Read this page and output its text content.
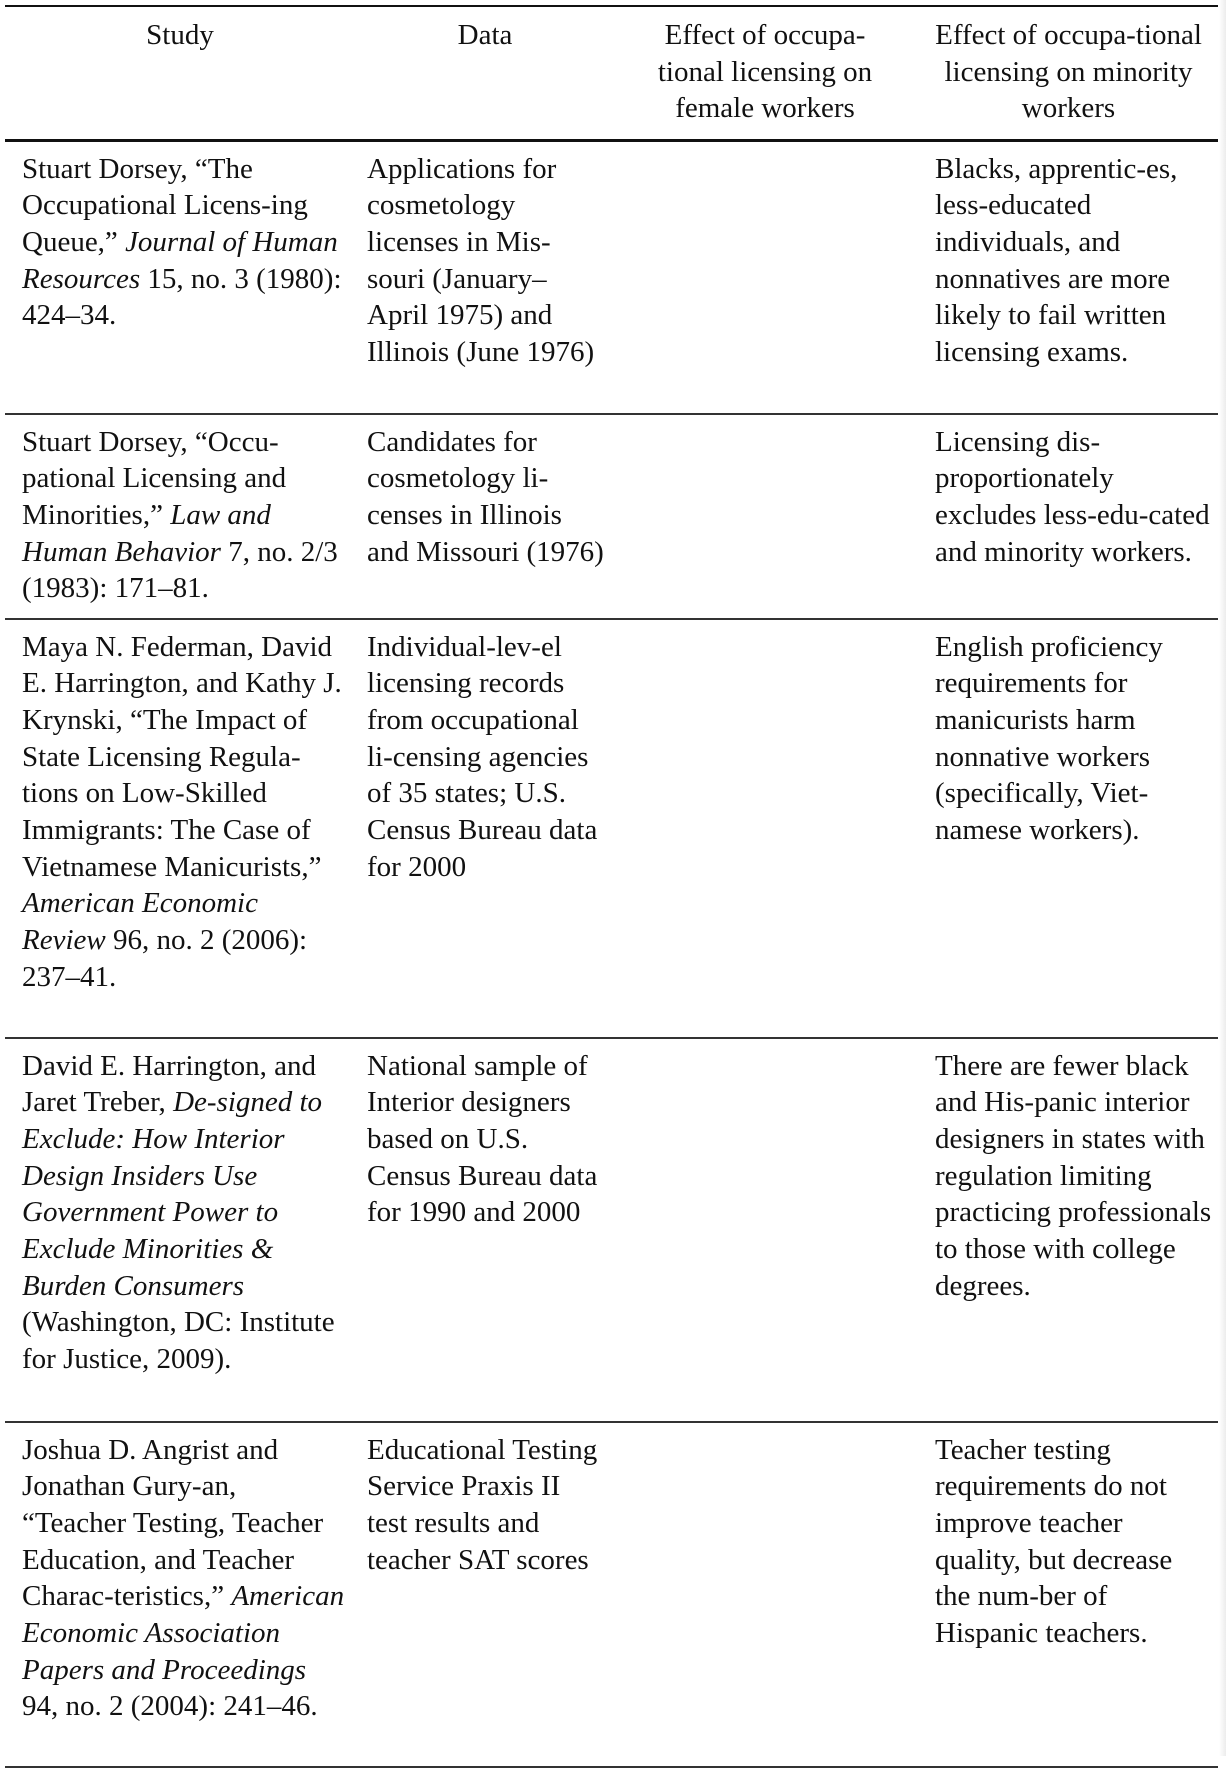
Study	Data	Effect of occupa-tional licensing on female workers	Effect of occupa-tional licensing on minority workers
Stuart Dorsey, “The Occupational Licens-ing Queue,” Journal of Human Resources 15, no. 3 (1980): 424–34.	Applications for cosmetology licenses in Mis-souri (January–April 1975) and Illinois (June 1976)		Blacks, apprentic-es, less-educated individuals, and nonnatives are more likely to fail written licensing exams.
Stuart Dorsey, “Occu-pational Licensing and Minorities,” Law and Human Behavior 7, no. 2/3 (1983): 171–81.	Candidates for cosmetology li-censes in Illinois and Missouri (1976)		Licensing dis-proportionately excludes less-edu-cated and minority workers.
Maya N. Federman, David E. Harrington, and Kathy J. Krynski, “The Impact of State Licensing Regula-tions on Low-Skilled Immigrants: The Case of Vietnamese Manicurists,” American Economic Review 96, no. 2 (2006): 237–41.	Individual-lev-el licensing records from occupational li-censing agencies of 35 states; U.S. Census Bureau data for 2000		English proficiency requirements for manicurists harm nonnative workers (specifically, Viet-namese workers).
David E. Harrington, and Jaret Treber, De-signed to Exclude: How Interior Design Insiders Use Government Power to Exclude Minorities & Burden Consumers (Washington, DC: Institute for Justice, 2009).	National sample of Interior designers based on U.S. Census Bureau data for 1990 and 2000		There are fewer black and His-panic interior designers in states with regulation limiting practicing professionals to those with college degrees.
Joshua D. Angrist and Jonathan Gury-an, “Teacher Testing, Teacher Education, and Teacher Charac-teristics,” American Economic Association Papers and Proceedings 94, no. 2 (2004): 241–46.	Educational Testing Service Praxis II test results and teacher SAT scores		Teacher testing requirements do not improve teacher quality, but decrease the num-ber of Hispanic teachers.
